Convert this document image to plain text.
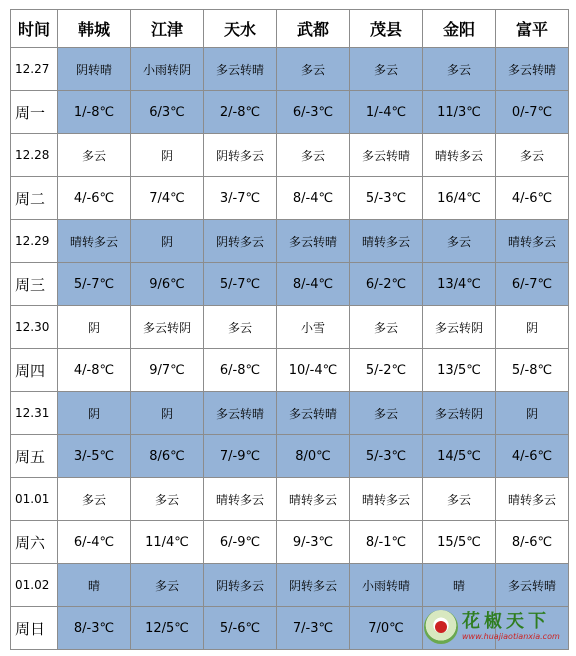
时间	韩城	江津	天水	武都	茂县	金阳	富平
12.27	阴转晴	小雨转阴	多云转晴	多云	多云	多云	多云转晴
周一	1/-8℃	6/3℃	2/-8℃	6/-3℃	1/-4℃	11/3℃	0/-7℃
12.28	多云	阴	阴转多云	多云	多云转晴	晴转多云	多云
周二	4/-6℃	7/4℃	3/-7℃	8/-4℃	5/-3℃	16/4℃	4/-6℃
12.29	晴转多云	阴	阴转多云	多云转晴	晴转多云	多云	晴转多云
周三	5/-7℃	9/6℃	5/-7℃	8/-4℃	6/-2℃	13/4℃	6/-7℃
12.30	阴	多云转阴	多云	小雪	多云	多云转阴	阴
周四	4/-8℃	9/7℃	6/-8℃	10/-4℃	5/-2℃	13/5℃	5/-8℃
12.31	阴	阴	多云转晴	多云转晴	多云	多云转阴	阴
周五	3/-5℃	8/6℃	7/-9℃	8/0℃	5/-3℃	14/5℃	4/-6℃
01.01	多云	多云	晴转多云	晴转多云	晴转多云	多云	晴转多云
周六	6/-4℃	11/4℃	6/-9℃	9/-3℃	8/-1℃	15/5℃	8/-6℃
01.02	晴	多云	阴转多云	阴转多云	小雨转晴	晴	多云转晴
周日	8/-3℃	12/5℃	5/-6℃	7/-3℃	7/0℃			花椒天下
www.huajiaotianxia.com
